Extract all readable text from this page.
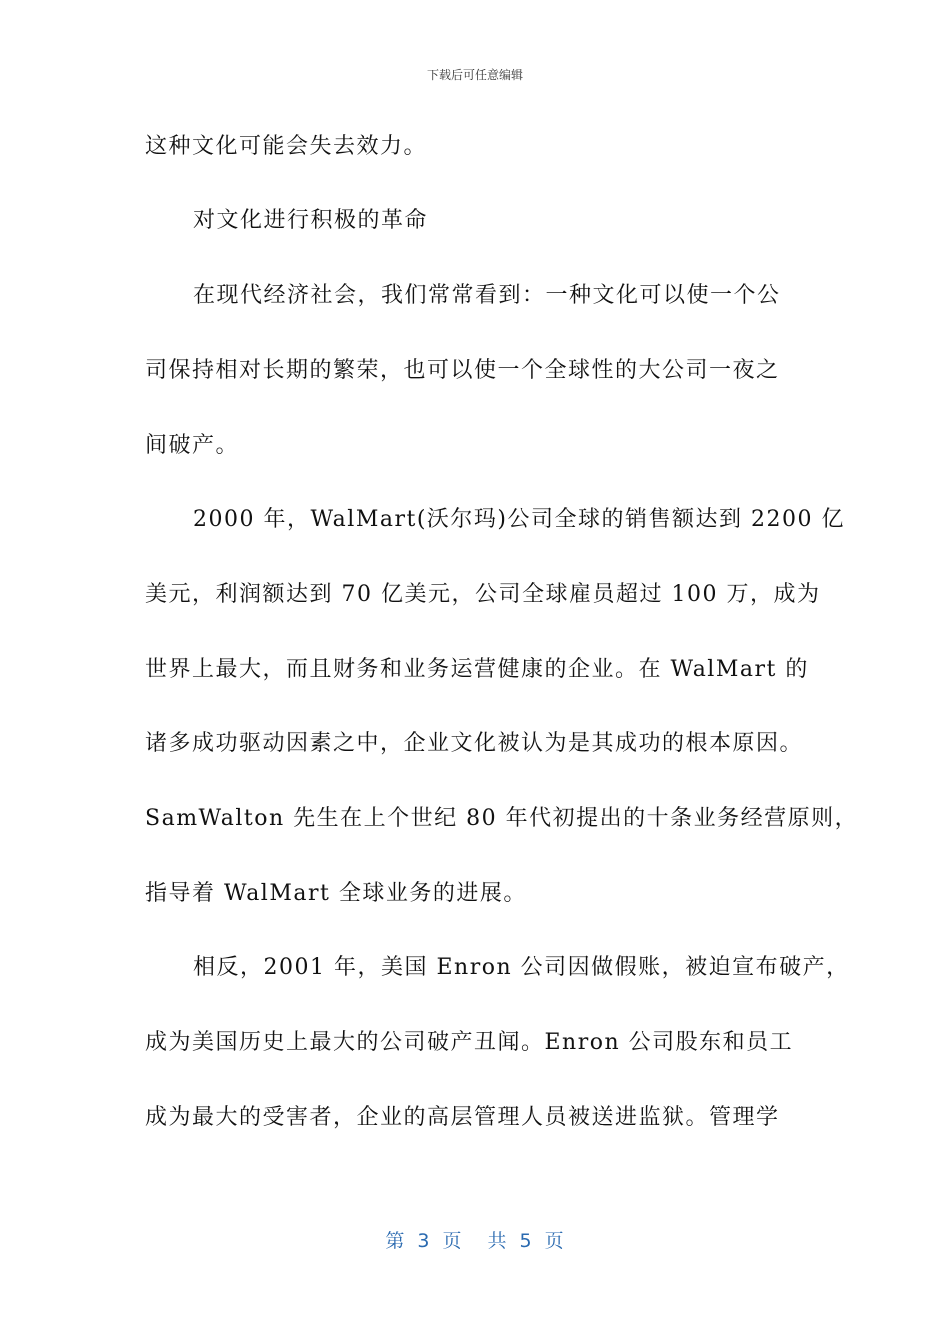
下载后可任意编辑
这种文化可能会失去效力。
对文化进行积极的革命
在现代经济社会，我们常常看到：一种文化可以使一个公
司保持相对长期的繁荣，也可以使一个全球性的大公司一夜之
间破产。
2000 年，WalMart(沃尔玛)公司全球的销售额达到 2200 亿
美元，利润额达到 70 亿美元，公司全球雇员超过 100 万，成为
世界上最大，而且财务和业务运营健康的企业。在 WalMart 的
诸多成功驱动因素之中，企业文化被认为是其成功的根本原因。
SamWalton 先生在上个世纪 80 年代初提出的十条业务经营原则，
指导着 WalMart 全球业务的进展。
相反，2001 年，美国 Enron 公司因做假账，被迫宣布破产，
成为美国历史上最大的公司破产丑闻。Enron 公司股东和员工
成为最大的受害者，企业的高层管理人员被送进监狱。管理学
第 3 页 共 5 页
